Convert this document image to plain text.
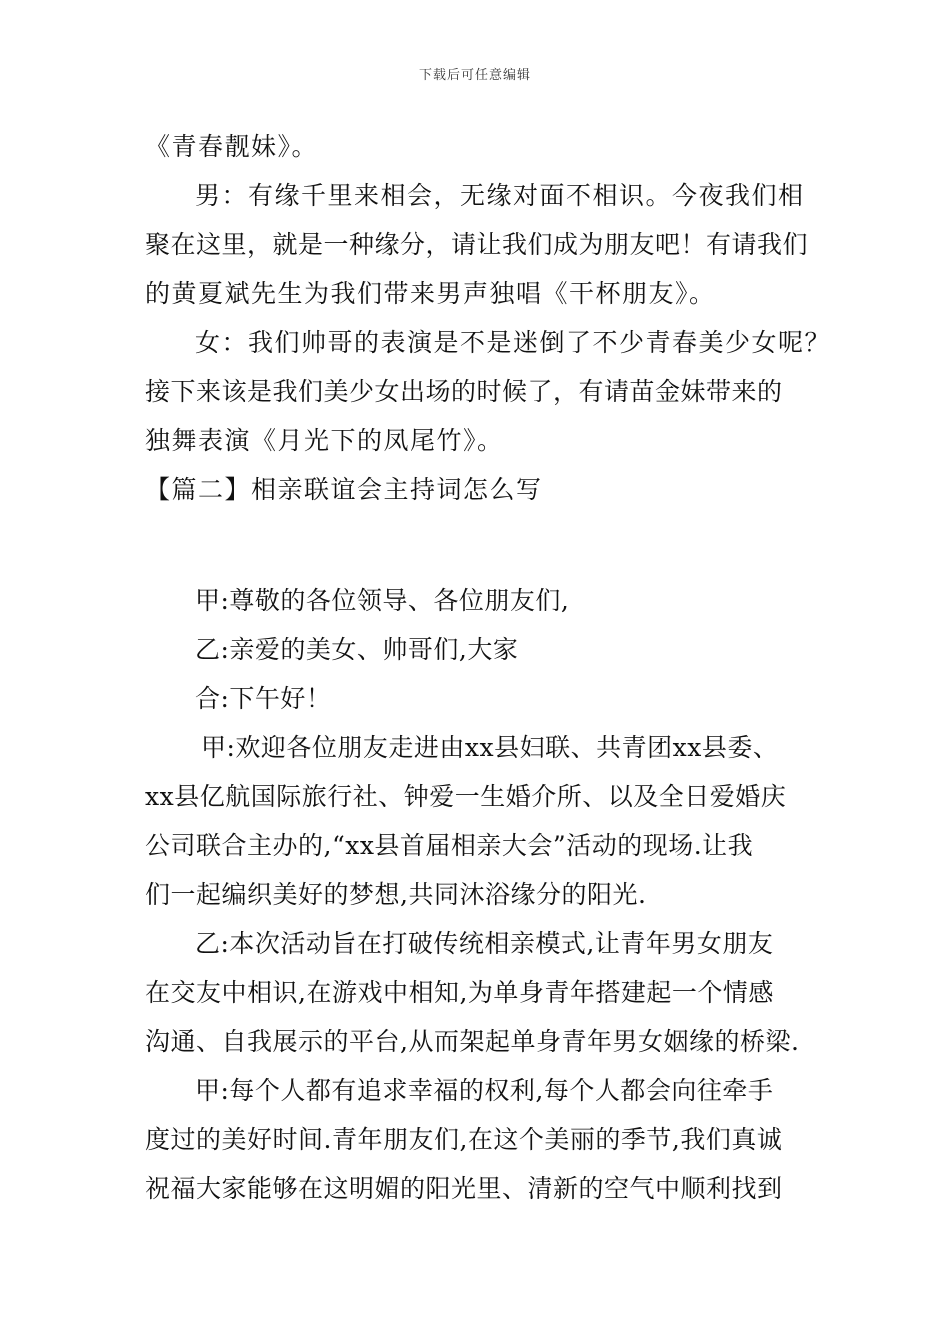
下载后可任意编辑
《青春靓妹》。
男：有缘千里来相会，无缘对面不相识。今夜我们相
聚在这里，就是一种缘分，请让我们成为朋友吧！有请我们
的黄夏斌先生为我们带来男声独唱《干杯朋友》。
女：我们帅哥的表演是不是迷倒了不少青春美少女呢？
接下来该是我们美少女出场的时候了，有请苗金妹带来的
独舞表演《月光下的凤尾竹》。
【篇二】相亲联谊会主持词怎么写
甲:尊敬的各位领导、各位朋友们,
乙:亲爱的美女、帅哥们,大家
合:下午好！
甲:欢迎各位朋友走进由xx县妇联、共青团xx县委、
xx县亿航国际旅行社、钟爱一生婚介所、以及全日爱婚庆
公司联合主办的,“xx县首届相亲大会”活动的现场.让我
们一起编织美好的梦想,共同沐浴缘分的阳光.
乙:本次活动旨在打破传统相亲模式,让青年男女朋友
在交友中相识,在游戏中相知,为单身青年搭建起一个情感
沟通、自我展示的平台,从而架起单身青年男女姻缘的桥梁.
甲:每个人都有追求幸福的权利,每个人都会向往牵手
度过的美好时间.青年朋友们,在这个美丽的季节,我们真诚
祝福大家能够在这明媚的阳光里、清新的空气中顺利找到
